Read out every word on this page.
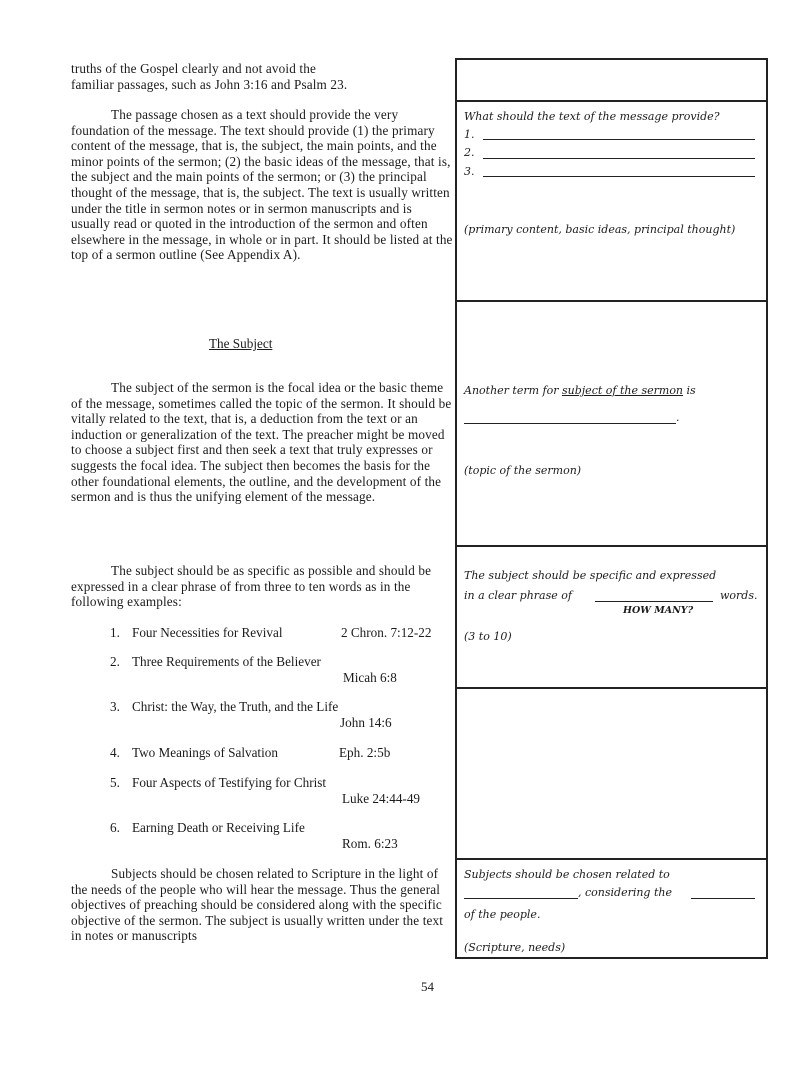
truths of the Gospel clearly and not avoid the
familiar passages, such as John 3:16 and Psalm 23.

The passage chosen as a text should provide the very foundation of the message. The text should provide (1) the primary content of the message, that is, the subject, the main points, and the minor points of the sermon; (2) the basic ideas of the message, that is, the subject and the main points of the sermon; or (3) the principal thought of the message, that is, the subject. The text is usually written under the title in sermon notes or in sermon manuscripts and is usually read or quoted in the introduction of the sermon and often elsewhere in the message, in whole or in part. It should be listed at the top of a sermon outline (See Appendix A).

The Subject

The subject of the sermon is the focal idea or the basic theme of the message, sometimes called the topic of the sermon. It should be vitally related to the text, that is, a deduction from the text or an induction or generalization of the text. The preacher might be moved to choose a subject first and then seek a text that truly expresses or suggests the focal idea. The subject then becomes the basis for the other foundational elements, the outline, and the development of the sermon and is thus the unifying element of the message.

The subject should be as specific as possible and should be expressed in a clear phrase of from three to ten words as in the following examples:

1. Four Necessities for Revival	2 Chron. 7:12-22
2. Three Requirements of the Believer
Micah 6:8
3. Christ: the Way, the Truth, and the Life
John 14:6
4. Two Meanings of Salvation	Eph. 2:5b
5. Four Aspects of Testifying for Christ
Luke 24:44-49
6. Earning Death or Receiving Life
Rom. 6:23

Subjects should be chosen related to Scripture in the light of the needs of the people who will hear the message. Thus the general objectives of preaching should be considered along with the specific objective of the sermon. The subject is usually written under the text in notes or manuscripts

What should the text of the message provide?
1.
2.
3.
(primary content, basic ideas, principal thought)
Another term for subject of the sermon is
.
(topic of the sermon)
The subject should be specific and expressed
in a clear phrase of	words.
HOW MANY?
(3 to 10)
Subjects should be chosen related to
, considering the
of the people.
(Scripture, needs)
54
